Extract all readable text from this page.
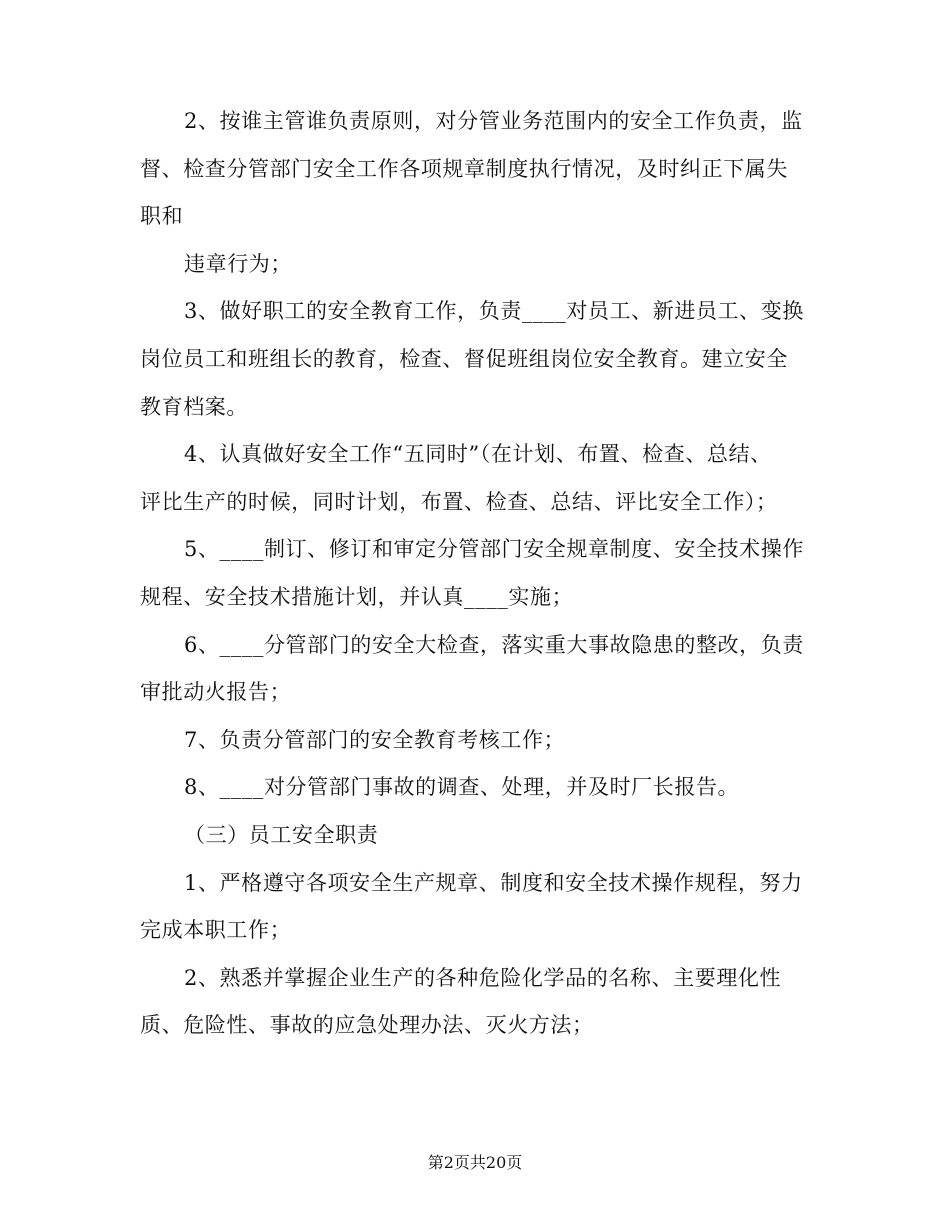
2、按谁主管谁负责原则，对分管业务范围内的安全工作负责，监
督、检查分管部门安全工作各项规章制度执行情况，及时纠正下属失
职和
违章行为；
3、做好职工的安全教育工作，负责____对员工、新进员工、变换
岗位员工和班组长的教育，检查、督促班组岗位安全教育。建立安全
教育档案。
4、认真做好安全工作“五同时”（在计划、布置、检查、总结、
评比生产的时候，同时计划，布置、检查、总结、评比安全工作）；
5、____制订、修订和审定分管部门安全规章制度、安全技术操作
规程、安全技术措施计划，并认真____实施；
6、____分管部门的安全大检查，落实重大事故隐患的整改，负责
审批动火报告；
7、负责分管部门的安全教育考核工作；
8、____对分管部门事故的调查、处理，并及时厂长报告。
（三）员工安全职责
1、严格遵守各项安全生产规章、制度和安全技术操作规程，努力
完成本职工作；
2、熟悉并掌握企业生产的各种危险化学品的名称、主要理化性
质、危险性、事故的应急处理办法、灭火方法；
第2页共20页
